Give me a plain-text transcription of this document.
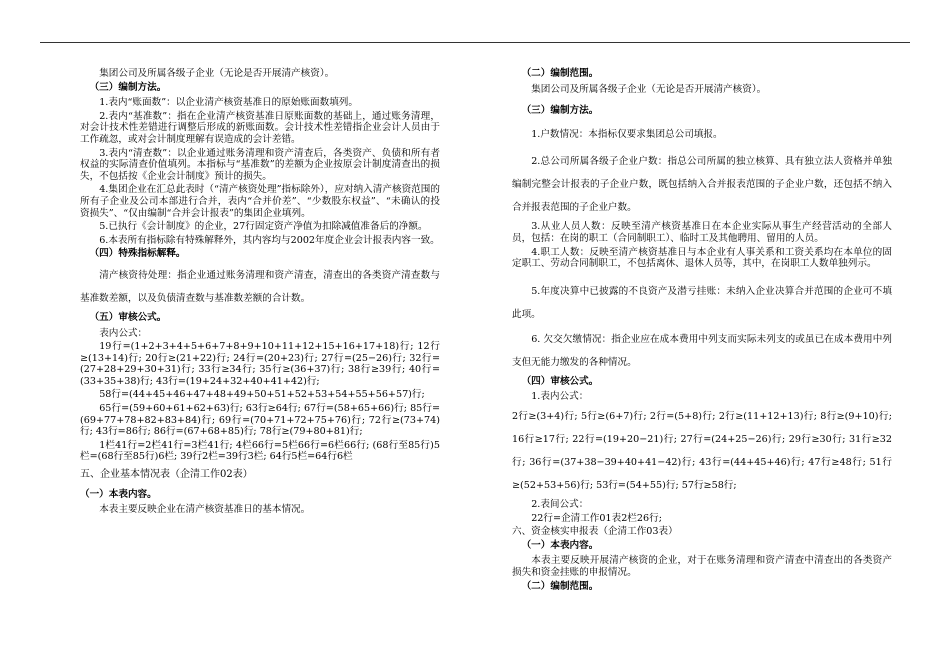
集团公司及所属各级子企业（无论是否开展清产核资）。

（三）编制方法。

1.表内“账面数”：以企业清产核资基准日的原始账面数填列。

2.表内“基准数”：指在企业清产核资基准日原账面数的基础上，通过账务清理，对会计技术性差错进行调整后形成的新账面数。会计技术性差错指企业会计人员由于工作疏忽，或对会计制度理解有误造成的会计差错。

3.表内“清查数”：以企业通过账务清理和资产清查后，各类资产、负债和所有者权益的实际清查价值填列。本指标与“基准数”的差额为企业按原会计制度清查出的损失，不包括按《企业会计制度》预计的损失。

4.集团企业在汇总此表时（“清产核资处理”指标除外），应对纳入清产核资范围的所有子企业及公司本部进行合并，表内“合并价差”、“少数股东权益”、“未确认的投资损失”、“仅由编制“合并会计报表”的集团企业填列。

5.已执行《会计制度》的企业，27行固定资产净值为扣除减值准备后的净额。

6.本表所有指标除有特殊解释外，其内容均与2002年度企业会计报表内容一致。

（四）特殊指标解释。

清产核资待处理：指企业通过账务清理和资产清查，清查出的各类资产清查数与基准数差额，以及负债清查数与基准数差额的合计数。

（五）审核公式。

表内公式：

19行=(1+2+3+4+5+6+7+8+9+10+11+12+15+16+17+18)行; 12行≥(13+14)行; 20行≥(21+22)行; 24行=(20+23)行; 27行=(25−26)行; 32行=(27+28+29+30+31)行; 33行≥34行; 35行≥(36+37)行; 38行≥39行; 40行=(33+35+38)行; 43行=(19+24+32+40+41+42)行;

58行=(44+45+46+47+48+49+50+51+52+53+54+55+56+57)行;

65行=(59+60+61+62+63)行; 63行≥64行; 67行=(58+65+66)行; 85行=(69+77+78+82+83+84)行; 69行=(70+71+72+75+76)行; 72行≥(73+74)行; 43行=86行; 86行=(67+68+85)行; 78行≥(79+80+81)行;

1栏41行=2栏41行=3栏41行; 4栏66行=5栏66行=6栏66行; (68行至85行)5栏=(68行至85行)6栏; 39行2栏=39行3栏; 64行5栏=64行6栏

五、企业基本情况表（企清工作02表）

（一）本表内容。

本表主要反映企业在清产核资基准日的基本情况。

（二）编制范围。

集团公司及所属各级子企业（无论是否开展清产核资）。

（三）编制方法。

1.户数情况：本指标仅要求集团总公司填报。

2.总公司所属各级子企业户数：指总公司所属的独立核算、具有独立法人资格并单独编制完整会计报表的子企业户数，既包括纳入合并报表范围的子企业户数，还包括不纳入合并报表范围的子企业户数。

3.从业人员人数：反映至清产核资基准日在本企业实际从事生产经营活动的全部人员，包括：在岗的职工（合同制职工）、临时工及其他聘用、留用的人员。

4.职工人数：反映至清产核资基准日与本企业有人事关系和工资关系均在本单位的固定职工、劳动合同制职工，不包括离休、退休人员等，其中，在岗职工人数单独列示。

5.年度决算中已披露的不良资产及潜亏挂账：未纳入企业决算合并范围的企业可不填此项。

6. 欠交欠缴情况：指企业应在成本费用中列支而实际未列支的或虽已在成本费用中列支但无能力缴发的各种情况。

（四）审核公式。

1.表内公式：

2行≥(3+4)行; 5行≥(6+7)行; 2行=(5+8)行; 2行≥(11+12+13)行; 8行≥(9+10)行; 16行≥17行; 22行=(19+20−21)行; 27行=(24+25−26)行; 29行≥30行; 31行≥32行; 36行=(37+38−39+40+41−42)行; 43行=(44+45+46)行; 47行≥48行; 51行≥(52+53+56)行; 53行=(54+55)行; 57行≥58行;

2.表间公式：

22行=企清工作01表2栏26行;

六、资金核实申报表（企清工作03表）

（一）本表内容。

本表主要反映开展清产核资的企业，对于在账务清理和资产清查中清查出的各类资产损失和资金挂账的申报情况。

（二）编制范围。
